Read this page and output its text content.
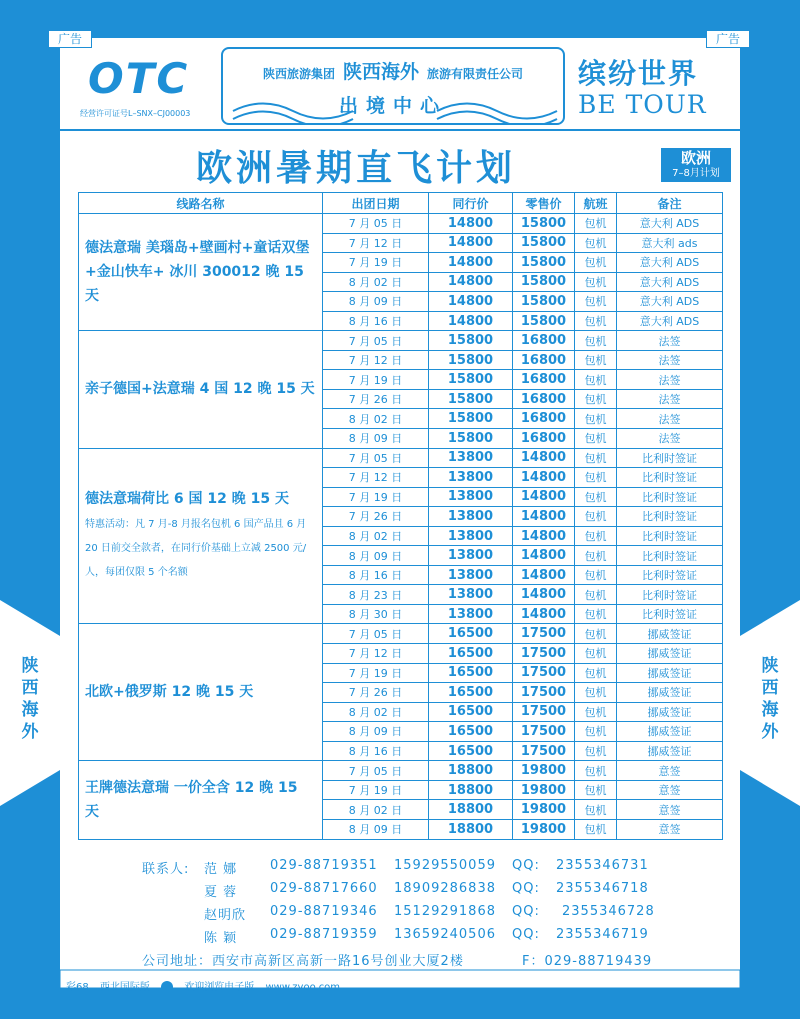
广告	广告
陕
西
海
外
陕
西
海
外
OTC
经营许可证号L–SNX–CJ00003
陕西旅游集团 陕西海外 旅游有限责任公司
出境中心
缤纷世界
BE TOUR
欧洲暑期直飞计划	欧洲
7–8月计划
线路名称	出团日期	同行价	零售价	航班	备注

德法意瑞 美瑙岛+壁画村+童话双堡+金山快车+ 冰川 300012 晚 15 天	7 月 05 日	14800	15800	包机	意大利 ADS
	7 月 12 日	14800	15800	包机	意大利 ads
	7 月 19 日	14800	15800	包机	意大利 ADS
	8 月 02 日	14800	15800	包机	意大利 ADS
	8 月 09 日	14800	15800	包机	意大利 ADS
	8 月 16 日	14800	15800	包机	意大利 ADS

亲子德国+法意瑞 4 国 12 晚 15 天	7 月 05 日	15800	16800	包机	法签
	7 月 12 日	15800	16800	包机	法签
	7 月 19 日	15800	16800	包机	法签
	7 月 26 日	15800	16800	包机	法签
	8 月 02 日	15800	16800	包机	法签
	8 月 09 日	15800	16800	包机	法签

德法意瑞荷比 6 国 12 晚 15 天
特惠活动：凡 7 月-8 月报名包机 6 国产品且 6 月 20 日前交全款者，在同行价基础上立减 2500 元/人，每团仅限 5 个名额	7 月 05 日	13800	14800	包机	比利时签证
	7 月 12 日	13800	14800	包机	比利时签证
	7 月 19 日	13800	14800	包机	比利时签证
	7 月 26 日	13800	14800	包机	比利时签证
	8 月 02 日	13800	14800	包机	比利时签证
	8 月 09 日	13800	14800	包机	比利时签证
	8 月 16 日	13800	14800	包机	比利时签证
	8 月 23 日	13800	14800	包机	比利时签证
	8 月 30 日	13800	14800	包机	比利时签证

北欧+俄罗斯 12 晚 15 天	7 月 05 日	16500	17500	包机	挪威签证
	7 月 12 日	16500	17500	包机	挪威签证
	7 月 19 日	16500	17500	包机	挪威签证
	7 月 26 日	16500	17500	包机	挪威签证
	8 月 02 日	16500	17500	包机	挪威签证
	8 月 09 日	16500	17500	包机	挪威签证
	8 月 16 日	16500	17500	包机	挪威签证

王牌德法意瑞 一价全含 12 晚 15 天	7 月 05 日	18800	19800	包机	意签
	7 月 19 日	18800	19800	包机	意签
	8 月 02 日	18800	19800	包机	意签
	8 月 09 日	18800	19800	包机	意签
联系人: 范 娜	029-88719351 15929550059 QQ: 2355346731
夏 蓉	029-88717660 18909286838 QQ: 2355346718
赵明欣 029-88719346 15129291868 QQ: 2355346728
陈 颖	029-88719359 13659240506 QQ: 2355346719
公司地址：西安市高新区高新一路16号创业大厦2楼	F：029-88719439
彩68 西北国际版	欢迎浏览电子版 www.zyoo.com
